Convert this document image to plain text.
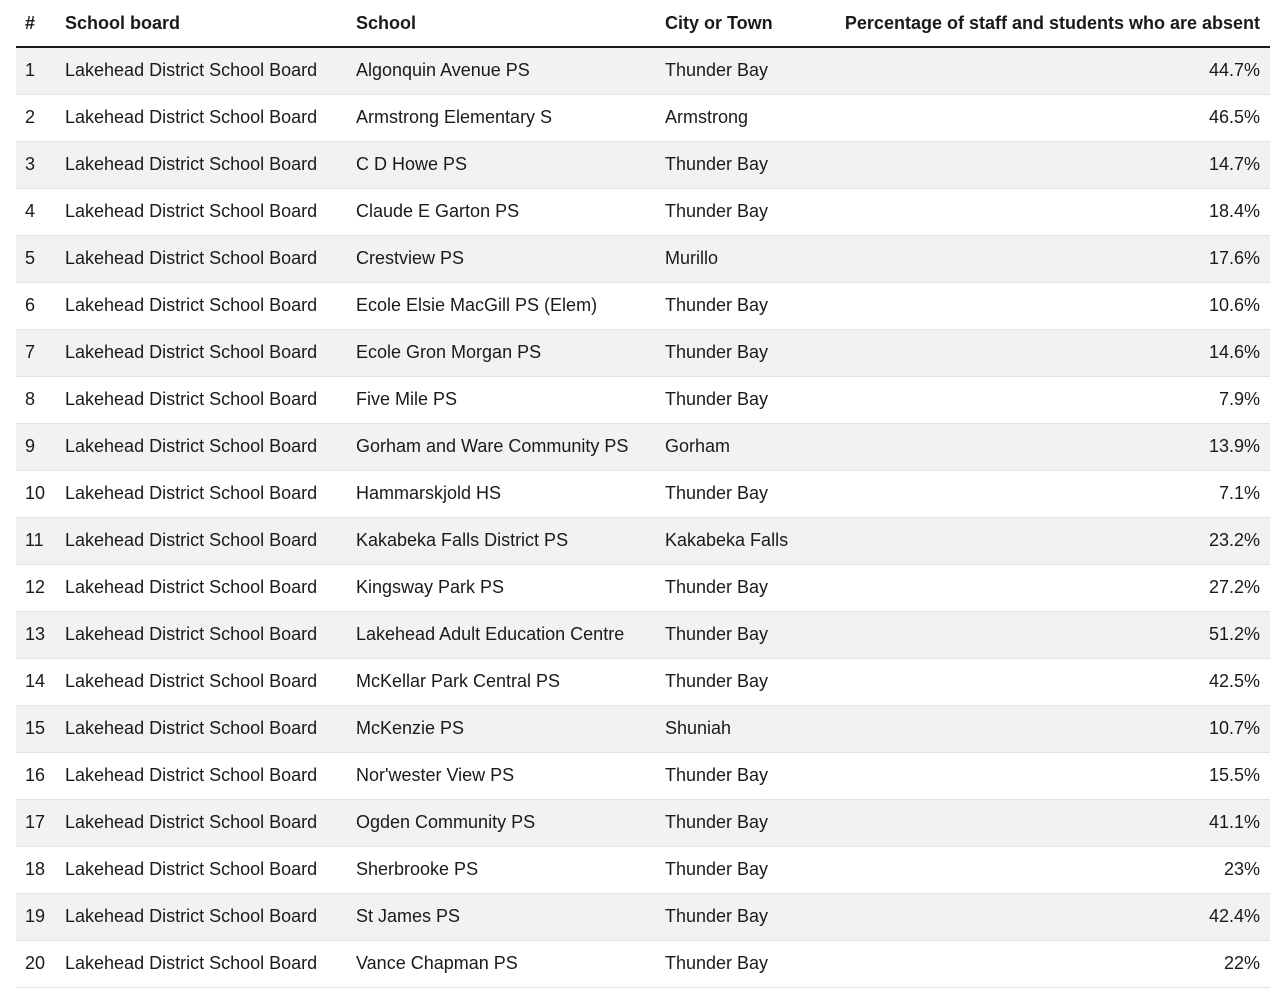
#	School board	School	City or Town	Percentage of staff and students who are absent
1	Lakehead District School Board	Algonquin Avenue PS	Thunder Bay	44.7%
2	Lakehead District School Board	Armstrong Elementary S	Armstrong	46.5%
3	Lakehead District School Board	C D Howe PS	Thunder Bay	14.7%
4	Lakehead District School Board	Claude E Garton PS	Thunder Bay	18.4%
5	Lakehead District School Board	Crestview PS	Murillo	17.6%
6	Lakehead District School Board	Ecole Elsie MacGill PS (Elem)	Thunder Bay	10.6%
7	Lakehead District School Board	Ecole Gron Morgan PS	Thunder Bay	14.6%
8	Lakehead District School Board	Five Mile PS	Thunder Bay	7.9%
9	Lakehead District School Board	Gorham and Ware Community PS	Gorham	13.9%
10	Lakehead District School Board	Hammarskjold HS	Thunder Bay	7.1%
11	Lakehead District School Board	Kakabeka Falls District PS	Kakabeka Falls	23.2%
12	Lakehead District School Board	Kingsway Park PS	Thunder Bay	27.2%
13	Lakehead District School Board	Lakehead Adult Education Centre	Thunder Bay	51.2%
14	Lakehead District School Board	McKellar Park Central PS	Thunder Bay	42.5%
15	Lakehead District School Board	McKenzie PS	Shuniah	10.7%
16	Lakehead District School Board	Nor'wester View PS	Thunder Bay	15.5%
17	Lakehead District School Board	Ogden Community PS	Thunder Bay	41.1%
18	Lakehead District School Board	Sherbrooke PS	Thunder Bay	23%
19	Lakehead District School Board	St James PS	Thunder Bay	42.4%
20	Lakehead District School Board	Vance Chapman PS	Thunder Bay	22%
